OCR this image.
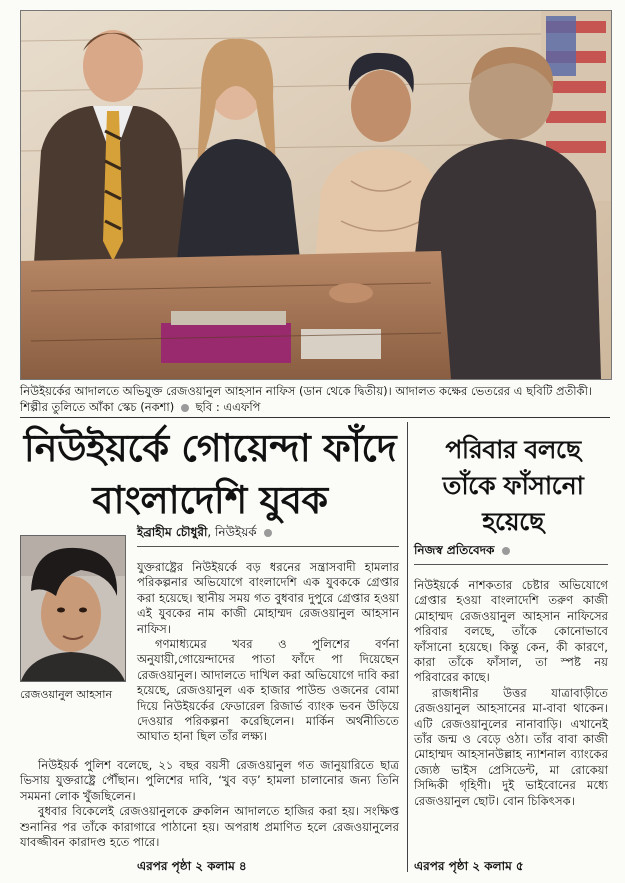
নিউইয়র্কের আদালতে অভিযুক্ত রেজওয়ানুল আহসান নাফিস (ডান থেকে দ্বিতীয়)। আদালত কক্ষের ভেতরের এ ছবিটি প্রতীকী। শিল্পীর তুলিতে আঁকা স্কেচ (নকশা) ছবি : এএফপি
নিউইয়র্কে গোয়েন্দা ফাঁদে
বাংলাদেশি যুবক
পরিবার বলছে
তাঁকে ফাঁসানো
হয়েছে
ইব্রাহীম চৌধুরী, নিউইয়র্ক
নিজস্ব প্রতিবেদক
রেজওয়ানুল আহসান

যুক্তরাষ্ট্রের নিউইয়র্কে বড় ধরনের সন্ত্রাসবাদী হামলার পরিকল্পনার অভিযোগে বাংলাদেশি এক যুবককে গ্রেপ্তার করা হয়েছে। স্থানীয় সময় গত বুধবার দুপুরে গ্রেপ্তার হওয়া এই যুবকের নাম কাজী মোহাম্মদ রেজওয়ানুল আহসান নাফিস।

গণমাধ্যমের খবর ও পুলিশের বর্ণনা অনুযায়ী,গোয়েন্দাদের পাতা ফাঁদে পা দিয়েছেন রেজওয়ানুল। আদালতে দাখিল করা অভিযোগে দাবি করা হয়েছে, রেজওয়ানুল এক হাজার পাউন্ড ওজনের বোমা দিয়ে নিউইয়র্কের ফেডারেল রিজার্ভ ব্যাংক ভবন উড়িয়ে দেওয়ার পরিকল্পনা করেছিলেন। মার্কিন অর্থনীতিতে আঘাত হানা ছিল তাঁর লক্ষ্য।

নিউইয়র্ক পুলিশ বলেছে, ২১ বছর বয়সী রেজওয়ানুল গত জানুয়ারিতে ছাত্র ভিসায় যুক্তরাষ্ট্রে পৌঁছান। পুলিশের দাবি, ‘খুব বড়’ হামলা চালানোর জন্য তিনি সমমনা লোক খুঁজছিলেন।

বুধবার বিকেলেই রেজওয়ানুলকে ব্রুকলিন আদালতে হাজির করা হয়। সংক্ষিপ্ত শুনানির পর তাঁকে কারাগারে পাঠানো হয়। অপরাধ প্রমাণিত হলে রেজওয়ানুলের যাবজ্জীবন কারাদণ্ড হতে পারে।

এরপর পৃষ্ঠা ২ কলাম ৪

নিউইয়র্কে নাশকতার চেষ্টার অভিযোগে গ্রেপ্তার হওয়া বাংলাদেশি তরুণ কাজী মোহাম্মদ রেজওয়ানুল আহসান নাফিসের পরিবার বলছে, তাঁকে কোনোভাবে ফাঁসানো হয়েছে। কিন্তু কেন, কী কারণে, কারা তাঁকে ফাঁসাল, তা স্পষ্ট নয় পরিবারের কাছে।

রাজধানীর উত্তর যাত্রাবাড়ীতে রেজওয়ানুল আহসানের মা-বাবা থাকেন। এটি রেজওয়ানুলের নানাবাড়ি। এখানেই তাঁর জন্ম ও বেড়ে ওঠা। তাঁর বাবা কাজী মোহাম্মদ আহসানউল্লাহ ন্যাশনাল ব্যাংকের জ্যেষ্ঠ ভাইস প্রেসিডেন্ট, মা রোকেয়া সিদ্দিকী গৃহিণী। দুই ভাইবোনের মধ্যে রেজওয়ানুল ছোট। বোন চিকিৎসক।

এরপর পৃষ্ঠা ২ কলাম ৫
